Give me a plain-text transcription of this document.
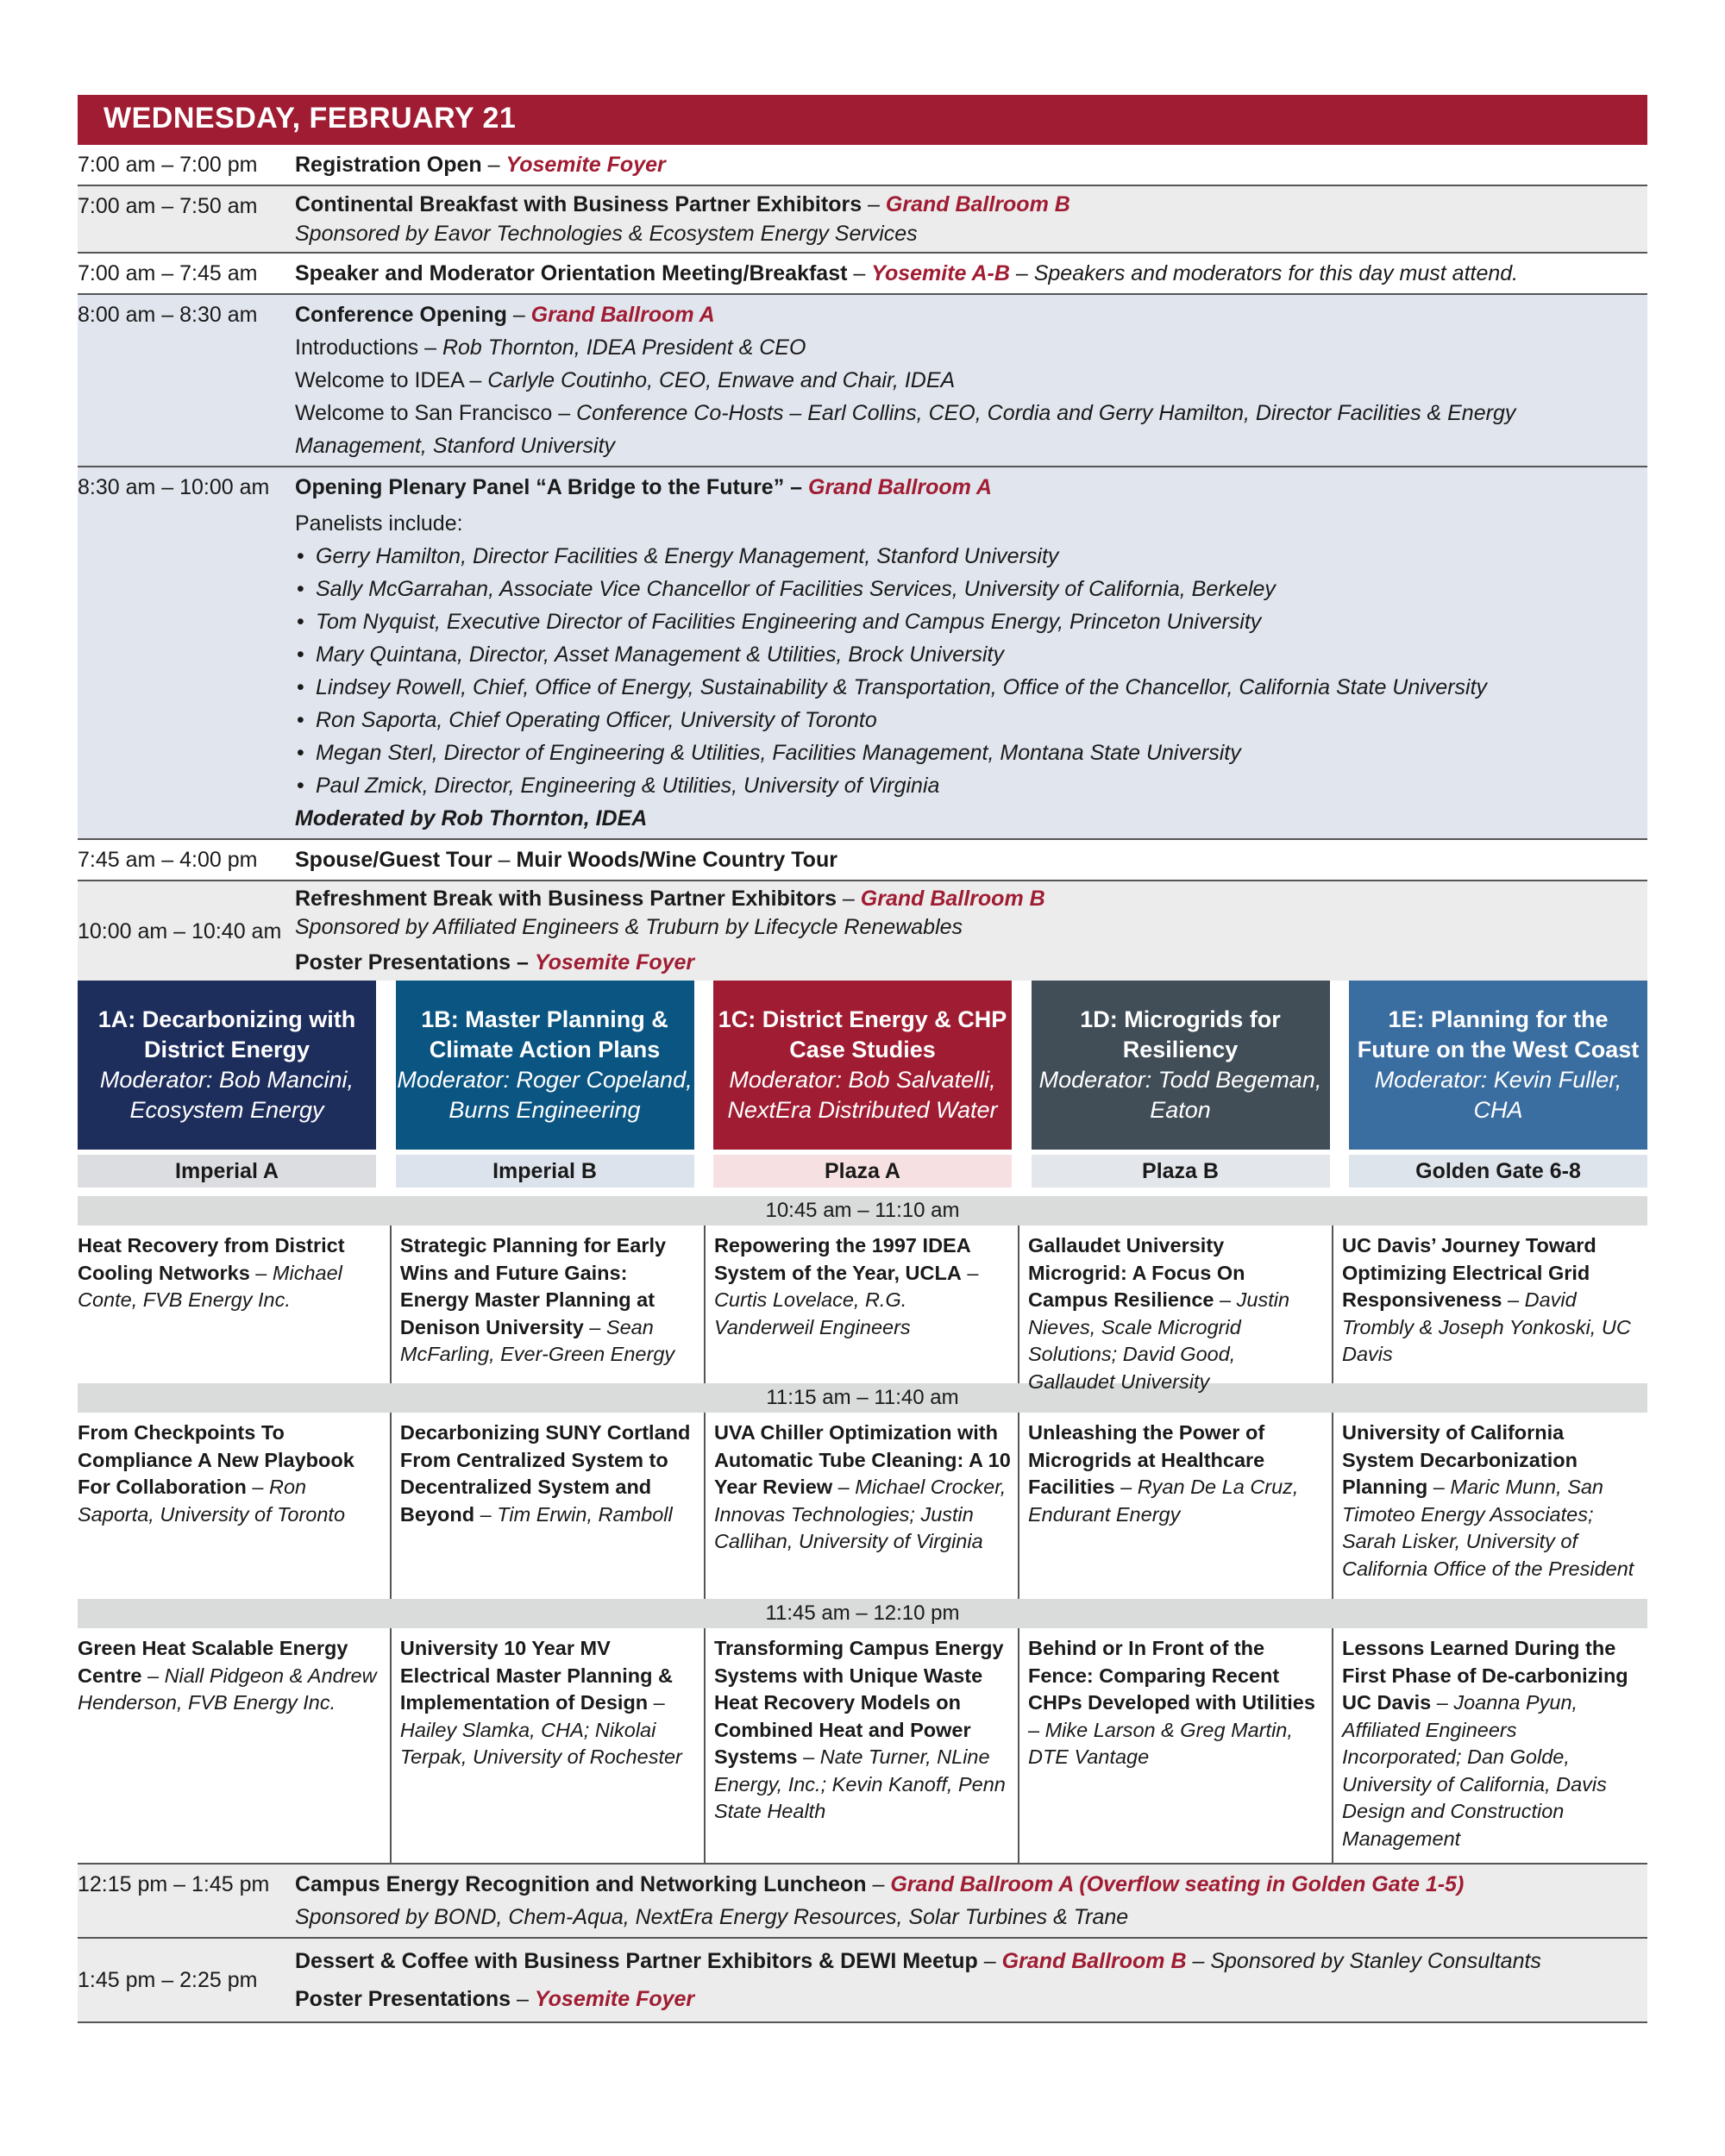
WEDNESDAY, FEBRUARY 21
7:00 am – 7:00 pm	Registration Open – Yosemite Foyer
7:00 am – 7:50 am	Continental Breakfast with Business Partner Exhibitors – Grand Ballroom B
Sponsored by Eavor Technologies & Ecosystem Energy Services
7:00 am – 7:45 am	Speaker and Moderator Orientation Meeting/Breakfast – Yosemite A-B – Speakers and moderators for this day must attend.
8:00 am – 8:30 am	Conference Opening – Grand Ballroom A
Introductions – Rob Thornton, IDEA President & CEO
Welcome to IDEA – Carlyle Coutinho, CEO, Enwave and Chair, IDEA
Welcome to San Francisco – Conference Co-Hosts – Earl Collins, CEO, Cordia and Gerry Hamilton, Director Facilities & Energy Management, Stanford University
8:30 am – 10:00 am	Opening Plenary Panel “A Bridge to the Future” – Grand Ballroom A
Panelists include:
• Gerry Hamilton, Director Facilities & Energy Management, Stanford University
• Sally McGarrahan, Associate Vice Chancellor of Facilities Services, University of California, Berkeley
• Tom Nyquist, Executive Director of Facilities Engineering and Campus Energy, Princeton University
• Mary Quintana, Director, Asset Management & Utilities, Brock University
• Lindsey Rowell, Chief, Office of Energy, Sustainability & Transportation, Office of the Chancellor, California State University
• Ron Saporta, Chief Operating Officer, University of Toronto
• Megan Sterl, Director of Engineering & Utilities, Facilities Management, Montana State University
• Paul Zmick, Director, Engineering & Utilities, University of Virginia
Moderated by Rob Thornton, IDEA
7:45 am – 4:00 pm	Spouse/Guest Tour – Muir Woods/Wine Country Tour
10:00 am – 10:40 am
Refreshment Break with Business Partner Exhibitors – Grand Ballroom B
Sponsored by Affiliated Engineers & Truburn by Lifecycle Renewables
Poster Presentations – Yosemite Foyer
1A: Decarbonizing with District Energy
Moderator: Bob Mancini, Ecosystem Energy
Imperial A
1B: Master Planning & Climate Action Plans
Moderator: Roger Copeland, Burns Engineering
Imperial B
1C: District Energy & CHP Case Studies
Moderator: Bob Salvatelli, NextEra Distributed Water
Plaza A
1D: Microgrids for Resiliency
Moderator: Todd Begeman, Eaton
Plaza B
1E: Planning for the Future on the West Coast
Moderator: Kevin Fuller, CHA
Golden Gate 6-8
10:45 am – 11:10 am
Heat Recovery from District Cooling Networks – Michael Conte, FVB Energy Inc.
Strategic Planning for Early Wins and Future Gains: Energy Master Planning at Denison University – Sean McFarling, Ever-Green Energy
Repowering the 1997 IDEA System of the Year, UCLA – Curtis Lovelace, R.G. Vanderweil Engineers
Gallaudet University Microgrid: A Focus On Campus Resilience – Justin Nieves, Scale Microgrid Solutions; David Good, Gallaudet University
UC Davis’ Journey Toward Optimizing Electrical Grid Responsiveness – David Trombly & Joseph Yonkoski, UC Davis
11:15 am – 11:40 am
From Checkpoints To Compliance A New Playbook For Collaboration – Ron Saporta, University of Toronto
Decarbonizing SUNY Cortland From Centralized System to Decentralized System and Beyond – Tim Erwin, Ramboll
UVA Chiller Optimization with Automatic Tube Cleaning: A 10 Year Review – Michael Crocker, Innovas Technologies; Justin Callihan, University of Virginia
Unleashing the Power of Microgrids at Healthcare Facilities – Ryan De La Cruz, Endurant Energy
University of California System Decarbonization Planning – Maric Munn, San Timoteo Energy Associates; Sarah Lisker, University of California Office of the President
11:45 am – 12:10 pm
Green Heat Scalable Energy Centre – Niall Pidgeon & Andrew Henderson, FVB Energy Inc.
University 10 Year MV Electrical Master Planning & Implementation of Design – Hailey Slamka, CHA; Nikolai Terpak, University of Rochester
Transforming Campus Energy Systems with Unique Waste Heat Recovery Models on Combined Heat and Power Systems – Nate Turner, NLine Energy, Inc.; Kevin Kanoff, Penn State Health
Behind or In Front of the Fence: Comparing Recent CHPs Developed with Utilities – Mike Larson & Greg Martin, DTE Vantage
Lessons Learned During the First Phase of De-carbonizing UC Davis – Joanna Pyun, Affiliated Engineers Incorporated; Dan Golde, University of California, Davis Design and Construction Management
12:15 pm – 1:45 pm	Campus Energy Recognition and Networking Luncheon – Grand Ballroom A (Overflow seating in Golden Gate 1-5)
Sponsored by BOND, Chem-Aqua, NextEra Energy Resources, Solar Turbines & Trane
1:45 pm – 2:25 pm
Dessert & Coffee with Business Partner Exhibitors & DEWI Meetup – Grand Ballroom B – Sponsored by Stanley Consultants
Poster Presentations – Yosemite Foyer
